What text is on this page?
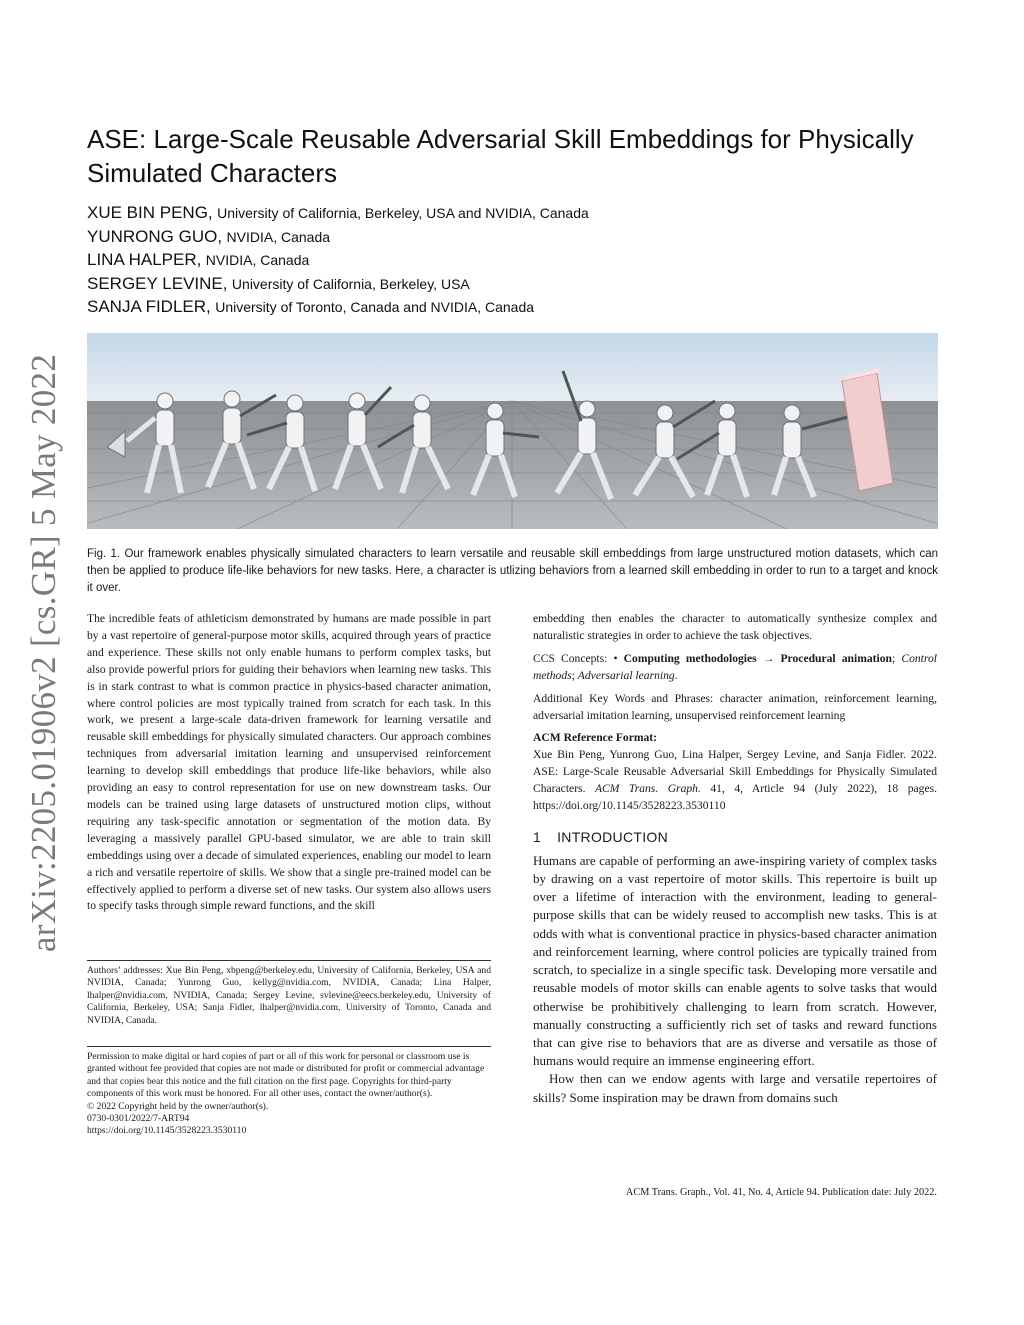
arXiv:2205.01906v2 [cs.GR] 5 May 2022
ASE: Large-Scale Reusable Adversarial Skill Embeddings for Physically Simulated Characters
XUE BIN PENG, University of California, Berkeley, USA and NVIDIA, Canada
YUNRONG GUO, NVIDIA, Canada
LINA HALPER, NVIDIA, Canada
SERGEY LEVINE, University of California, Berkeley, USA
SANJA FIDLER, University of Toronto, Canada and NVIDIA, Canada
Fig. 1. Our framework enables physically simulated characters to learn versatile and reusable skill embeddings from large unstructured motion datasets, which can then be applied to produce life-like behaviors for new tasks. Here, a character is utlizing behaviors from a learned skill embedding in order to run to a target and knock it over.

The incredible feats of athleticism demonstrated by humans are made possible in part by a vast repertoire of general-purpose motor skills, acquired through years of practice and experience. These skills not only enable humans to perform complex tasks, but also provide powerful priors for guiding their behaviors when learning new tasks. This is in stark contrast to what is common practice in physics-based character animation, where control policies are most typically trained from scratch for each task. In this work, we present a large-scale data-driven framework for learning versatile and reusable skill embeddings for physically simulated characters. Our approach combines techniques from adversarial imitation learning and unsupervised reinforcement learning to develop skill embeddings that produce life-like behaviors, while also providing an easy to control representation for use on new downstream tasks. Our models can be trained using large datasets of unstructured motion clips, without requiring any task-specific annotation or segmentation of the motion data. By leveraging a massively parallel GPU-based simulator, we are able to train skill embeddings using over a decade of simulated experiences, enabling our model to learn a rich and versatile repertoire of skills. We show that a single pre-trained model can be effectively applied to perform a diverse set of new tasks. Our system also allows users to specify tasks through simple reward functions, and the skill

Authors’ addresses: Xue Bin Peng, xbpeng@berkeley.edu, University of California, Berkeley, USA and NVIDIA, Canada; Yunrong Guo, kellyg@nvidia.com, NVIDIA, Canada; Lina Halper, lhalper@nvidia.com, NVIDIA, Canada; Sergey Levine, svlevine@eecs.berkeley.edu, University of California, Berkeley, USA; Sanja Fidler, lhalper@nvidia.com, University of Toronto, Canada and NVIDIA, Canada.

Permission to make digital or hard copies of part or all of this work for personal or classroom use is granted without fee provided that copies are not made or distributed for profit or commercial advantage and that copies bear this notice and the full citation on the first page. Copyrights for third-party components of this work must be honored. For all other uses, contact the owner/author(s).

© 2022 Copyright held by the owner/author(s).

0730-0301/2022/7-ART94

https://doi.org/10.1145/3528223.3530110

embedding then enables the character to automatically synthesize complex and naturalistic strategies in order to achieve the task objectives.

CCS Concepts: • Computing methodologies → Procedural animation; Control methods; Adversarial learning.

Additional Key Words and Phrases: character animation, reinforcement learning, adversarial imitation learning, unsupervised reinforcement learning

ACM Reference Format:

Xue Bin Peng, Yunrong Guo, Lina Halper, Sergey Levine, and Sanja Fidler. 2022. ASE: Large-Scale Reusable Adversarial Skill Embeddings for Physically Simulated Characters. ACM Trans. Graph. 41, 4, Article 94 (July 2022), 18 pages. https://doi.org/10.1145/3528223.3530110

1 INTRODUCTION

Humans are capable of performing an awe-inspiring variety of complex tasks by drawing on a vast repertoire of motor skills. This repertoire is built up over a lifetime of interaction with the environment, leading to general-purpose skills that can be widely reused to accomplish new tasks. This is at odds with what is conventional practice in physics-based character animation and reinforcement learning, where control policies are typically trained from scratch, to specialize in a single specific task. Developing more versatile and reusable models of motor skills can enable agents to solve tasks that would otherwise be prohibitively challenging to learn from scratch. However, manually constructing a sufficiently rich set of tasks and reward functions that can give rise to behaviors that are as diverse and versatile as those of humans would require an immense engineering effort.

How then can we endow agents with large and versatile repertoires of skills? Some inspiration may be drawn from domains such

ACM Trans. Graph., Vol. 41, No. 4, Article 94. Publication date: July 2022.
